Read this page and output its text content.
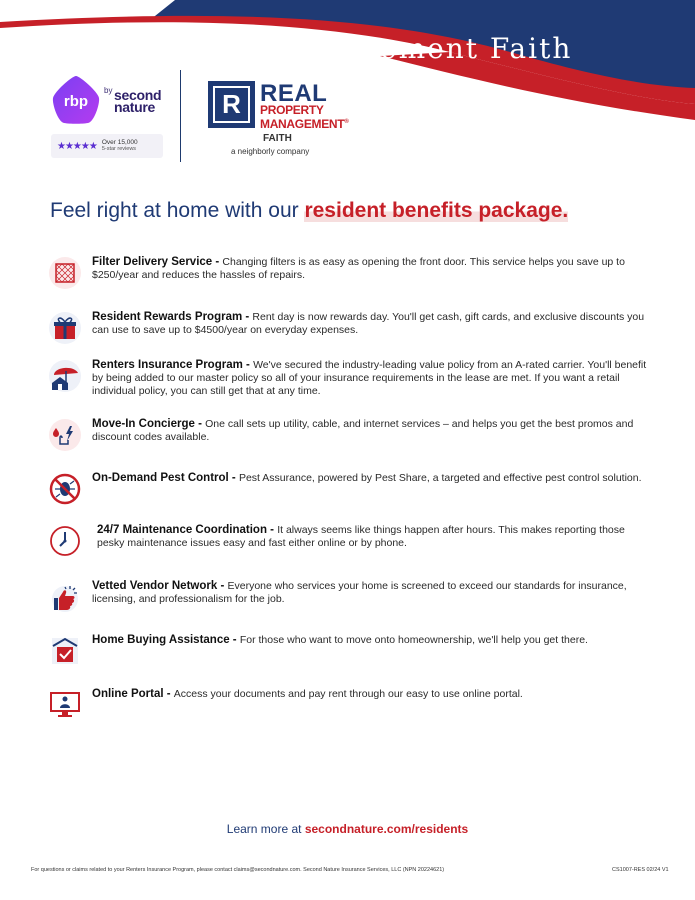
Management Faith
rbp
by second nature
★★★★★ Over 15,000
5-star reviews
R REAL
PROPERTY
MANAGEMENT®
FAITH
a neighborly company
Feel right at home with our resident benefits package.
Filter Delivery Service - Changing filters is as easy as opening the front door. This service helps you save up to $250/year and reduces the hassles of repairs.
Resident Rewards Program - Rent day is now rewards day. You'll get cash, gift cards, and exclusive discounts you can use to save up to $4500/year on everyday expenses.
Renters Insurance Program - We've secured the industry-leading value policy from an A-rated carrier. You'll benefit by being added to our master policy so all of your insurance requirements in the lease are met. If you want a retail individual policy, you can still get that at any time.
Move-In Concierge - One call sets up utility, cable, and internet services – and helps you get the best promos and discount codes available.
On-Demand Pest Control - Pest Assurance, powered by Pest Share, a targeted and effective pest control solution.
24/7 Maintenance Coordination - It always seems like things happen after hours. This makes reporting those pesky maintenance issues easy and fast either online or by phone.
Vetted Vendor Network - Everyone who services your home is screened to exceed our standards for insurance, licensing, and professionalism for the job.
Home Buying Assistance - For those who want to move onto homeownership, we'll help you get there.
Online Portal - Access your documents and pay rent through our easy to use online portal.
Learn more at secondnature.com/residents
For questions or claims related to your Renters Insurance Program, please contact claims@secondnature.com. Second Nature Insurance Services, LLC (NPN 20224621)	CS1007-RES 02/24 V1
